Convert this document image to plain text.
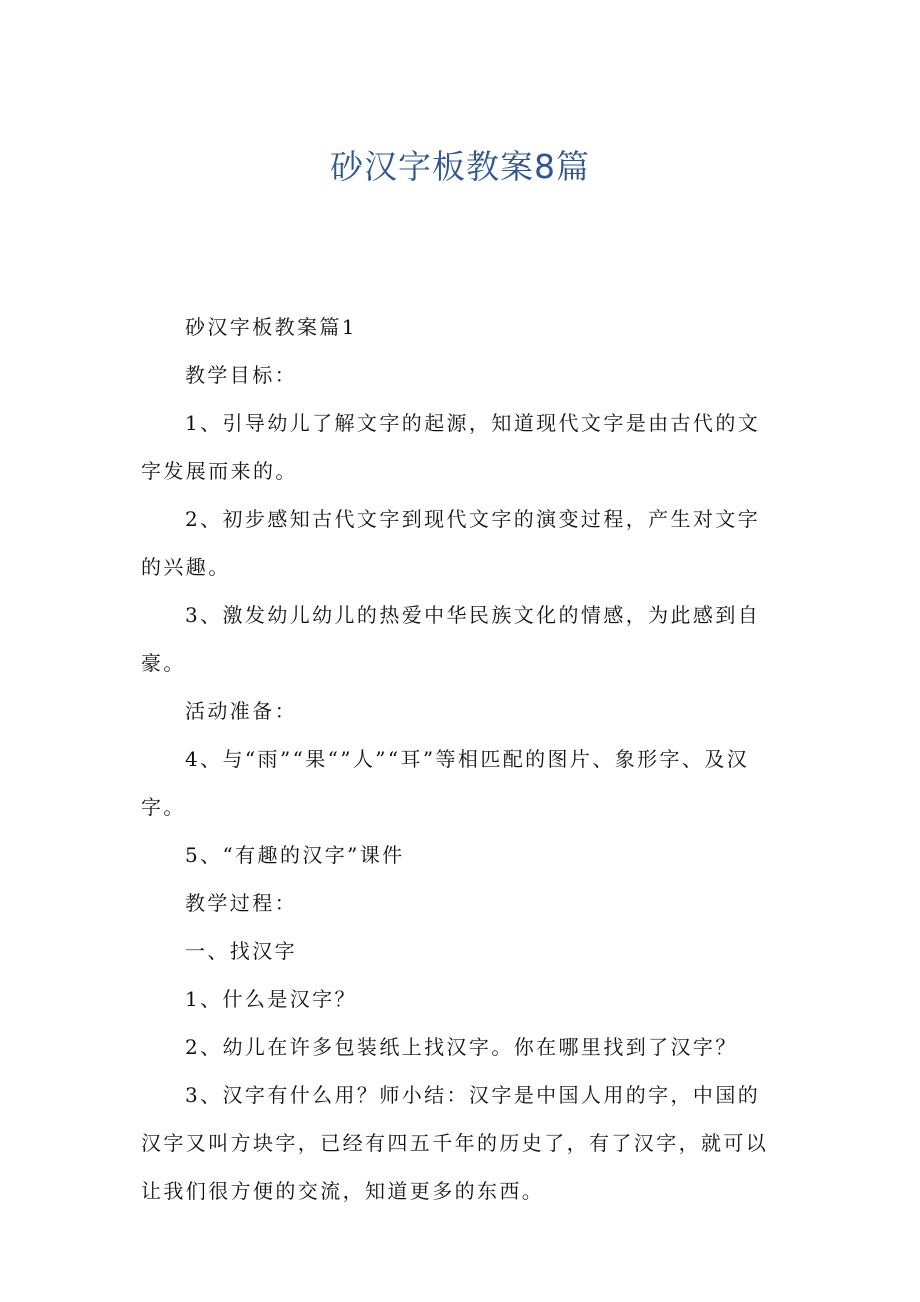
砂汉字板教案8篇

砂汉字板教案篇1

教学目标：

1、引导幼儿了解文字的起源，知道现代文字是由古代的文字发展而来的。

2、初步感知古代文字到现代文字的演变过程，产生对文字的兴趣。

3、激发幼儿幼儿的热爱中华民族文化的情感，为此感到自豪。

活动准备：

4、与“雨”“果“”人”“耳”等相匹配的图片、象形字、及汉字。

5、“有趣的汉字”课件

教学过程：

一、找汉字

1、什么是汉字？

2、幼儿在许多包装纸上找汉字。你在哪里找到了汉字？

3、汉字有什么用？师小结：汉字是中国人用的字，中国的汉字又叫方块字，已经有四五千年的历史了，有了汉字，就可以让我们很方便的交流，知道更多的东西。
